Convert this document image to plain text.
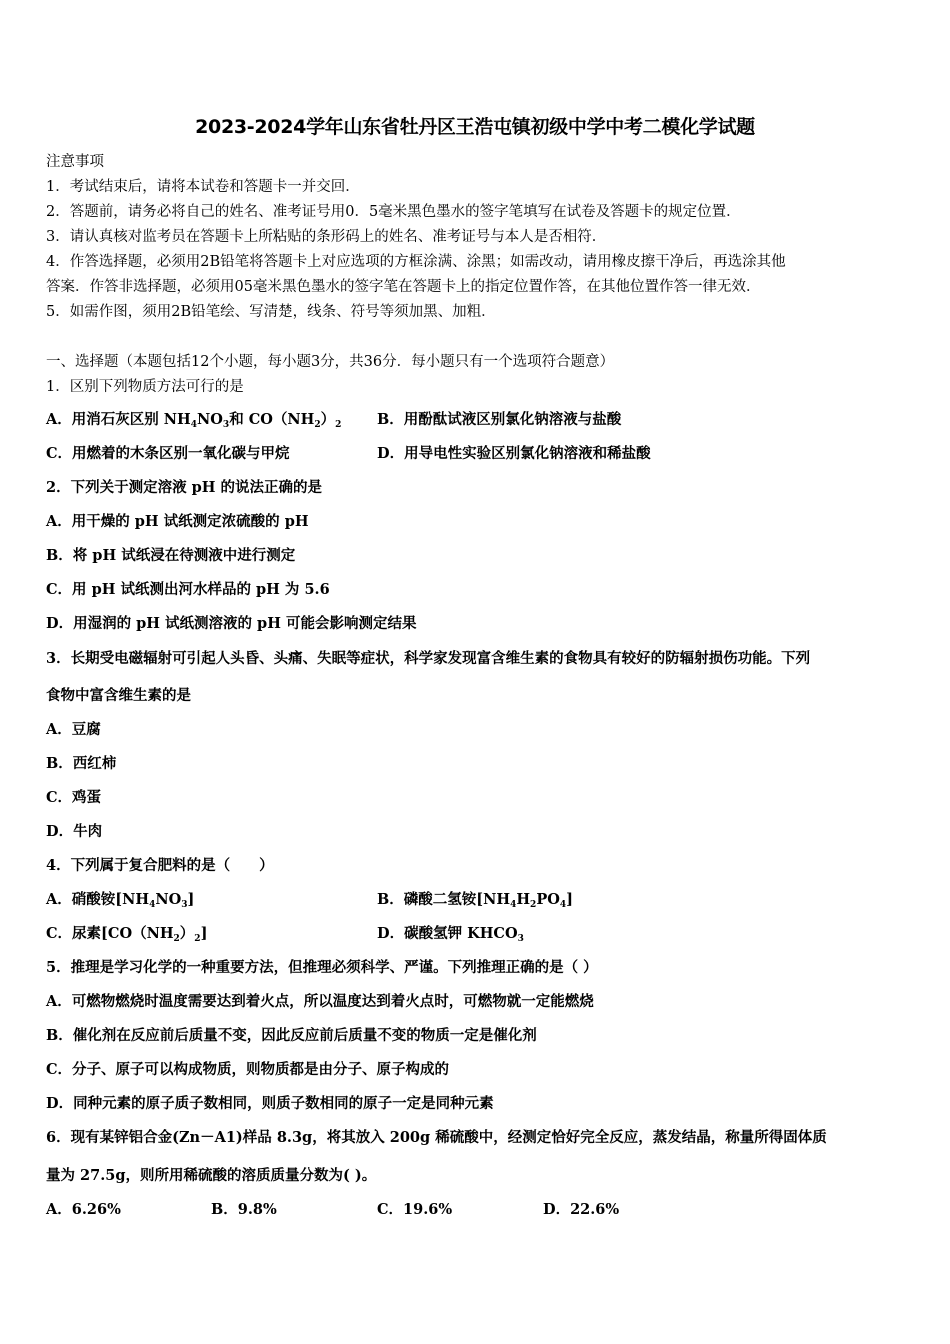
2023-2024学年山东省牡丹区王浩屯镇初级中学中考二模化学试题
注意事项
1．考试结束后，请将本试卷和答题卡一并交回．
2．答题前，请务必将自己的姓名、准考证号用0．5毫米黑色墨水的签字笔填写在试卷及答题卡的规定位置．
3．请认真核对监考员在答题卡上所粘贴的条形码上的姓名、准考证号与本人是否相符．
4．作答选择题，必须用2B铅笔将答题卡上对应选项的方框涂满、涂黑；如需改动，请用橡皮擦干净后，再选涂其他
答案．作答非选择题，必须用05毫米黑色墨水的签字笔在答题卡上的指定位置作答，在其他位置作答一律无效．
5．如需作图，须用2B铅笔绘、写清楚，线条、符号等须加黑、加粗．
一、选择题（本题包括12个小题，每小题3分，共36分．每小题只有一个选项符合题意）
1．区别下列物质方法可行的是
A．用消石灰区别 $NH_4NO_3$和 $CO(NH_2)_2$ B．用酚酞试液区别氯化钠溶液与盐酸
C．用燃着的木条区别一氧化碳与甲烷	D．用导电性实验区别氯化钠溶液和稀盐酸
2．下列关于测定溶液 pH 的说法正确的是
A．用干燥的 pH 试纸测定浓硫酸的 pH
B．将 pH 试纸浸在待测液中进行测定
C．用 pH 试纸测出河水样品的 pH 为 5.6
D．用湿润的 pH 试纸测溶液的 pH 可能会影响测定结果
3．长期受电磁辐射可引起人头昏、头痛、失眠等症状，科学家发现富含维生素的食物具有较好的防辐射损伤功能。下列
食物中富含维生素的是
A．豆腐
B．西红柿
C．鸡蛋
D．牛肉
4．下列属于复合肥料的是（　　）
A．硝酸铵$[NH_4NO_3]$	B．磷酸二氢铵$[NH_4H_2PO_4]$
C．尿素$[CO(NH_2)_2]$	D．碳酸氢钾 $KHCO_3$
5．推理是学习化学的一种重要方法，但推理必须科学、严谨。下列推理正确的是（ ）
A．可燃物燃烧时温度需要达到着火点，所以温度达到着火点时，可燃物就一定能燃烧
B．催化剂在反应前后质量不变，因此反应前后质量不变的物质一定是催化剂
C．分子、原子可以构成物质，则物质都是由分子、原子构成的
D．同种元素的原子质子数相同，则质子数相同的原子一定是同种元素
6．现有某锌铝合金(Zn－A1)样品 8.3g，将其放入 200g 稀硫酸中，经测定恰好完全反应，蒸发结晶，称量所得固体质
量为 27.5g，则所用稀硫酸的溶质质量分数为( )。
A．6.26%	B．9.8%	C．19.6%	D．22.6%
